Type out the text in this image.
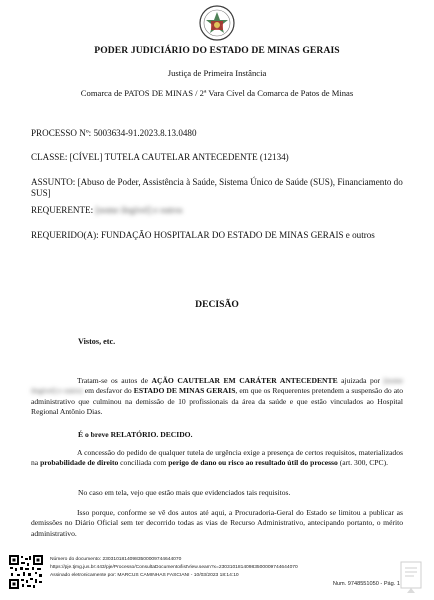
PODER JUDICIÁRIO DO ESTADO DE MINAS GERAIS
Justiça de Primeira Instância
Comarca de PATOS DE MINAS / 2ª Vara Cível da Comarca de Patos de Minas
PROCESSO Nº: 5003634-91.2023.8.13.0480
CLASSE: [CÍVEL] TUTELA CAUTELAR ANTECEDENTE (12134)
ASSUNTO: [Abuso de Poder, Assistência à Saúde, Sistema Único de Saúde (SUS), Financiamento do SUS]
REQUERENTE: [nome ilegível] e outros
REQUERIDO(A): FUNDAÇÃO HOSPITALAR DO ESTADO DE MINAS GERAIS e outros
DECISÃO
Vistos, etc.
Tratam-se os autos de AÇÃO CAUTELAR EM CARÁTER ANTECEDENTE ajuizada por [nome ilegível] e outros em desfavor do ESTADO DE MINAS GERAIS, em que os Requerentes pretendem a suspensão do ato administrativo que culminou na demissão de 10 profissionais da área da saúde e que estão vinculados ao Hospital Regional Antônio Dias.
É o breve RELATÓRIO. DECIDO.
A concessão do pedido de qualquer tutela de urgência exige a presença de certos requisitos, materializados na probabilidade de direito conciliada com perigo de dano ou risco ao resultado útil do processo (art. 300, CPC).
No caso em tela, vejo que estão mais que evidenciados tais requisitos.
Isso porque, conforme se vê dos autos até aqui, a Procuradoria-Geral do Estado se limitou a publicar as demissões no Diário Oficial sem ter decorrido todas as vias de Recurso Administrativo, antecipando portanto, o mérito administrativo.
Número do documento: 23031018140983500009744644070
https://pje.tjmg.jus.br:443/pje/Processo/ConsultaDocumento/listView.seam?x=23031018140983500009744644070
Assinado eletronicamente por: MARCUS CAMINHAS FASCIANI - 10/03/2023 18:14:10
Num. 9748551050 - Pág. 1
